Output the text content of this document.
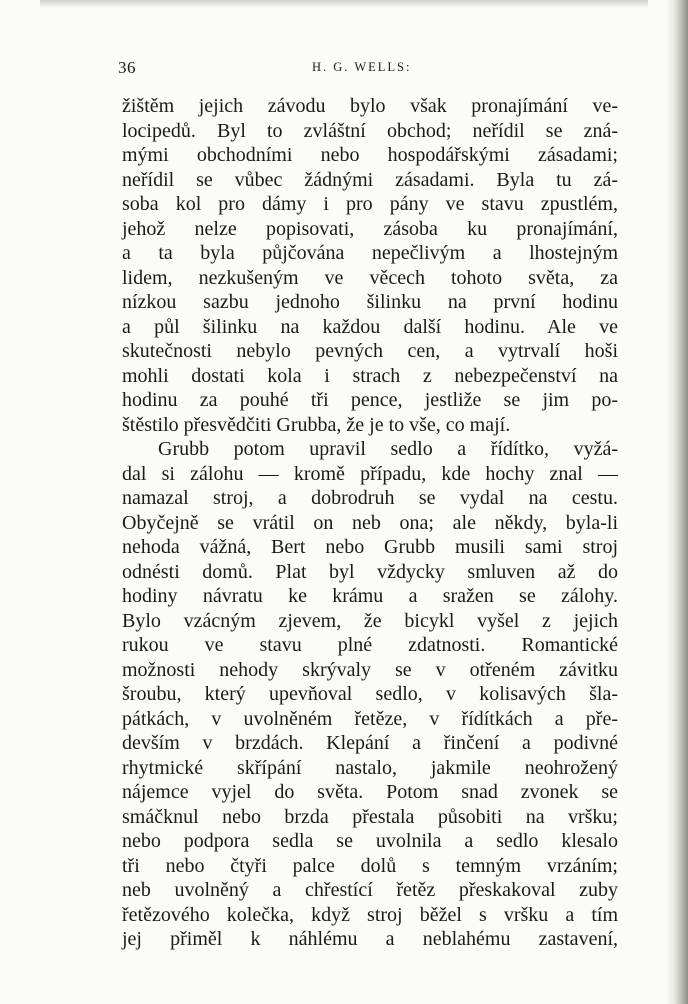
36	H. G. WELLS:
žištěm jejich závodu bylo však pronajímání ve-
locipedů. Byl to zvláštní obchod; neřídil se zná-
mými obchodními nebo hospodářskými zásadami;
neřídil se vůbec žádnými zásadami. Byla tu zá-
soba kol pro dámy i pro pány ve stavu zpustlém,
jehož nelze popisovati, zásoba ku pronajímání,
a ta byla půjčována nepečlivým a lhostejným
lidem, nezkušeným ve věcech tohoto světa, za
nízkou sazbu jednoho šilinku na první hodinu
a půl šilinku na každou další hodinu. Ale ve
skutečnosti nebylo pevných cen, a vytrvalí hoši
mohli dostati kola i strach z nebezpečenství na
hodinu za pouhé tři pence, jestliže se jim po-
štěstilo přesvědčiti Grubba, že je to vše, co mají.
Grubb potom upravil sedlo a řídítko, vyžá-
dal si zálohu — kromě případu, kde hochy znal —
namazal stroj, a dobrodruh se vydal na cestu.
Obyčejně se vrátil on neb ona; ale někdy, byla-li
nehoda vážná, Bert nebo Grubb musili sami stroj
odnésti domů. Plat byl vždycky smluven až do
hodiny návratu ke krámu a sražen se zálohy.
Bylo vzácným zjevem, že bicykl vyšel z jejich
rukou ve stavu plné zdatnosti. Romantické
možnosti nehody skrývaly se v otřeném závitku
šroubu, který upevňoval sedlo, v kolisavých šla-
pátkách, v uvolněném řetěze, v řídítkách a pře-
devším v brzdách. Klepání a řinčení a podivné
rhytmické skřípání nastalo, jakmile neohrožený
nájemce vyjel do světa. Potom snad zvonek se
smáčknul nebo brzda přestala působiti na vršku;
nebo podpora sedla se uvolnila a sedlo klesalo
tři nebo čtyři palce dolů s temným vrzáním;
neb uvolněný a chřestící řetěz přeskakoval zuby
řetězového kolečka, když stroj běžel s vršku a tím
jej přiměl k náhlému a neblahému zastavení,
